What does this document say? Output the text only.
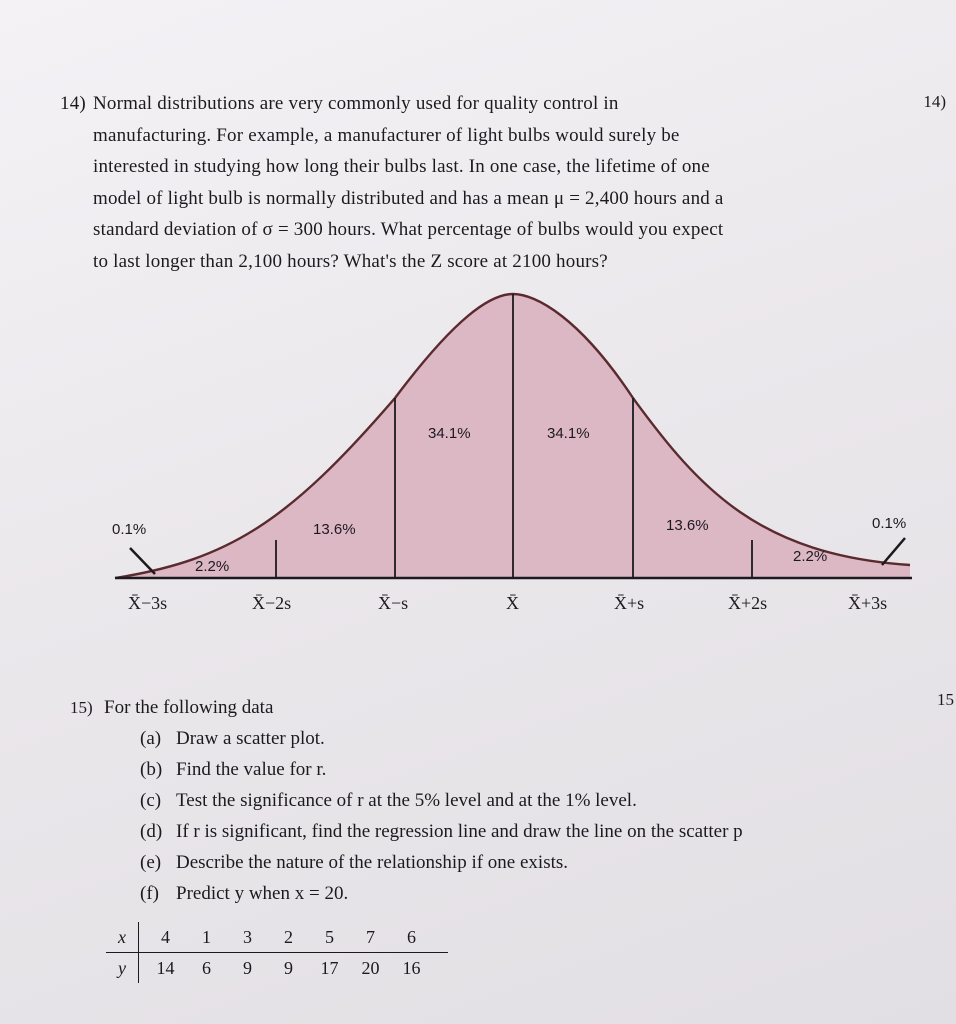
14) Normal distributions are very commonly used for quality control in
manufacturing. For example, a manufacturer of light bulbs would surely be
interested in studying how long their bulbs last. In one case, the lifetime of one
model of light bulb is normally distributed and has a mean μ = 2,400 hours and a
standard deviation of σ = 300 hours. What percentage of bulbs would you expect
to last longer than 2,100 hours? What's the Z score at 2100 hours?
14)
0.1%
2.2%
13.6%
34.1%	34.1%
13.6%
2.2%
0.1%
X̄−3s	X̄−2s	X̄−s	X̄	X̄+s	X̄+2s	X̄+3s
15) For the following data
(a) Draw a scatter plot.
(b) Find the value for r.
(c) Test the significance of r at the 5% level and at the 1% level.
(d) If r is significant, find the regression line and draw the line on the scatter p
(e) Describe the nature of the relationship if one exists.
(f) Predict y when x = 20.
15
x	4	1	3	2	5	7	6
y	14	6	9	9	17	20	16
